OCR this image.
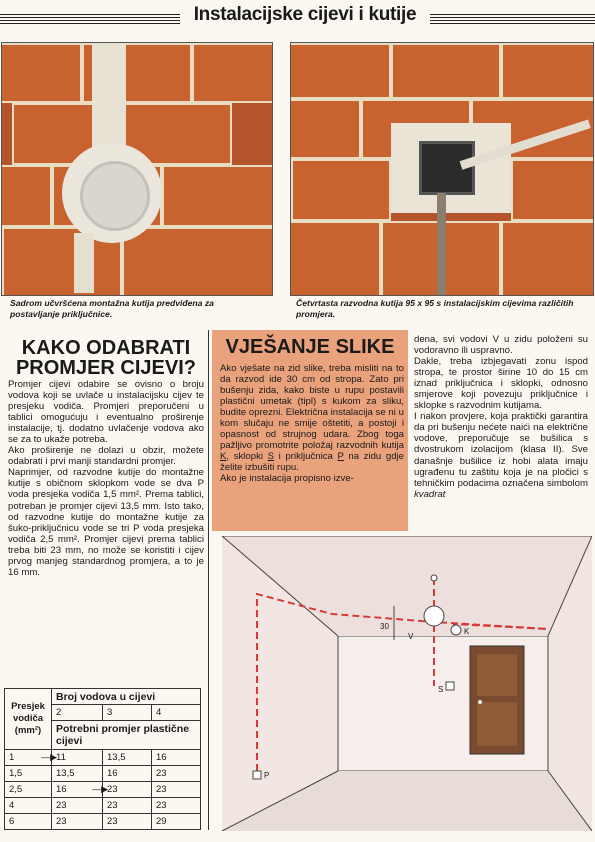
Instalacijske cijevi i kutije
Sadrom učvršćena montažna kutija predviđena za postavljanje priključnice.
Četvrtasta razvodna kutija 95 x 95 s instalacijskim cijevima različitih promjera.
KAKO ODABRATI
PROMJER CIJEVI?

Promjer cijevi odabire se ovisno o broju vodova koji se uvlače u instalacijsku cijev te presjeku vodiča. Promjeri preporučeni u tablici omogućuju i eventualno proširenje instalacije, tj. dodatno uvlačenje vodova ako se za to ukaže potreba.

Ako proširenje ne dolazi u obzir, možete odabrati i prvi manji standardni promjer.

Naprimjer, od razvodne kutije do montažne kutije s običnom sklopkom vode se dva P voda presjeka vodiča 1,5 mm². Prema tablici, potreban je promjer cijevi 13,5 mm. Isto tako, od razvodne kutije do montažne kutije za šuko-priključnicu vode se tri P voda presjeka vodiča 2,5 mm². Promjer cijevi prema tablici treba biti 23 mm, no može se koristiti i cijev prvog manjeg standardnog promjera, a to je 16 mm.

Presjek vodiča (mm²)	Broj vodova u cijevi		
	2	3	4
	Potrebni promjer plastične cijevi		
1 —▶	11	13,5	16
1,5	13,5	16	23
2,5	16 —▶	23	23
4	23	23	23
6	23	23	29
VJEŠANJE SLIKE
Ako vješate na zid slike, treba misliti na to da razvod ide 30 cm od stropa. Zato pri bušenju zida, kako biste u rupu postavili plastični umetak (tipl) s kukom za sliku, budite oprezni. Električna instalacija se ni u kom slučaju ne smije oštetiti, a postoji i opasnost od strujnog udara. Zbog toga pažljivo promotrite položaj razvodnih kutija K, sklopki S i priključnica P na zidu gdje želite izbušiti rupu.
Ako je instalacija propisno izve-
dena, svi vodovi V u zidu položeni su vodoravno ili uspravno.
Dakle, treba izbjegavati zonu ispod stropa, te prostor širine 10 do 15 cm iznad priključnica i sklopki, odnosno smjerove koji povezuju priključnice i sklopke s razvodnim kutijama.
I nakon provjere, koja praktički garantira da pri bušenju nećete naići na električne vodove, preporučuje se bušilica s dvostrukom izolacijom (klasa II). Sve današnje bušilice iz hobi alata imaju ugrađenu tu zaštitu koja je na pločici s tehničkim podacima označena simbolom kvadrat
30
V
K
S
P
